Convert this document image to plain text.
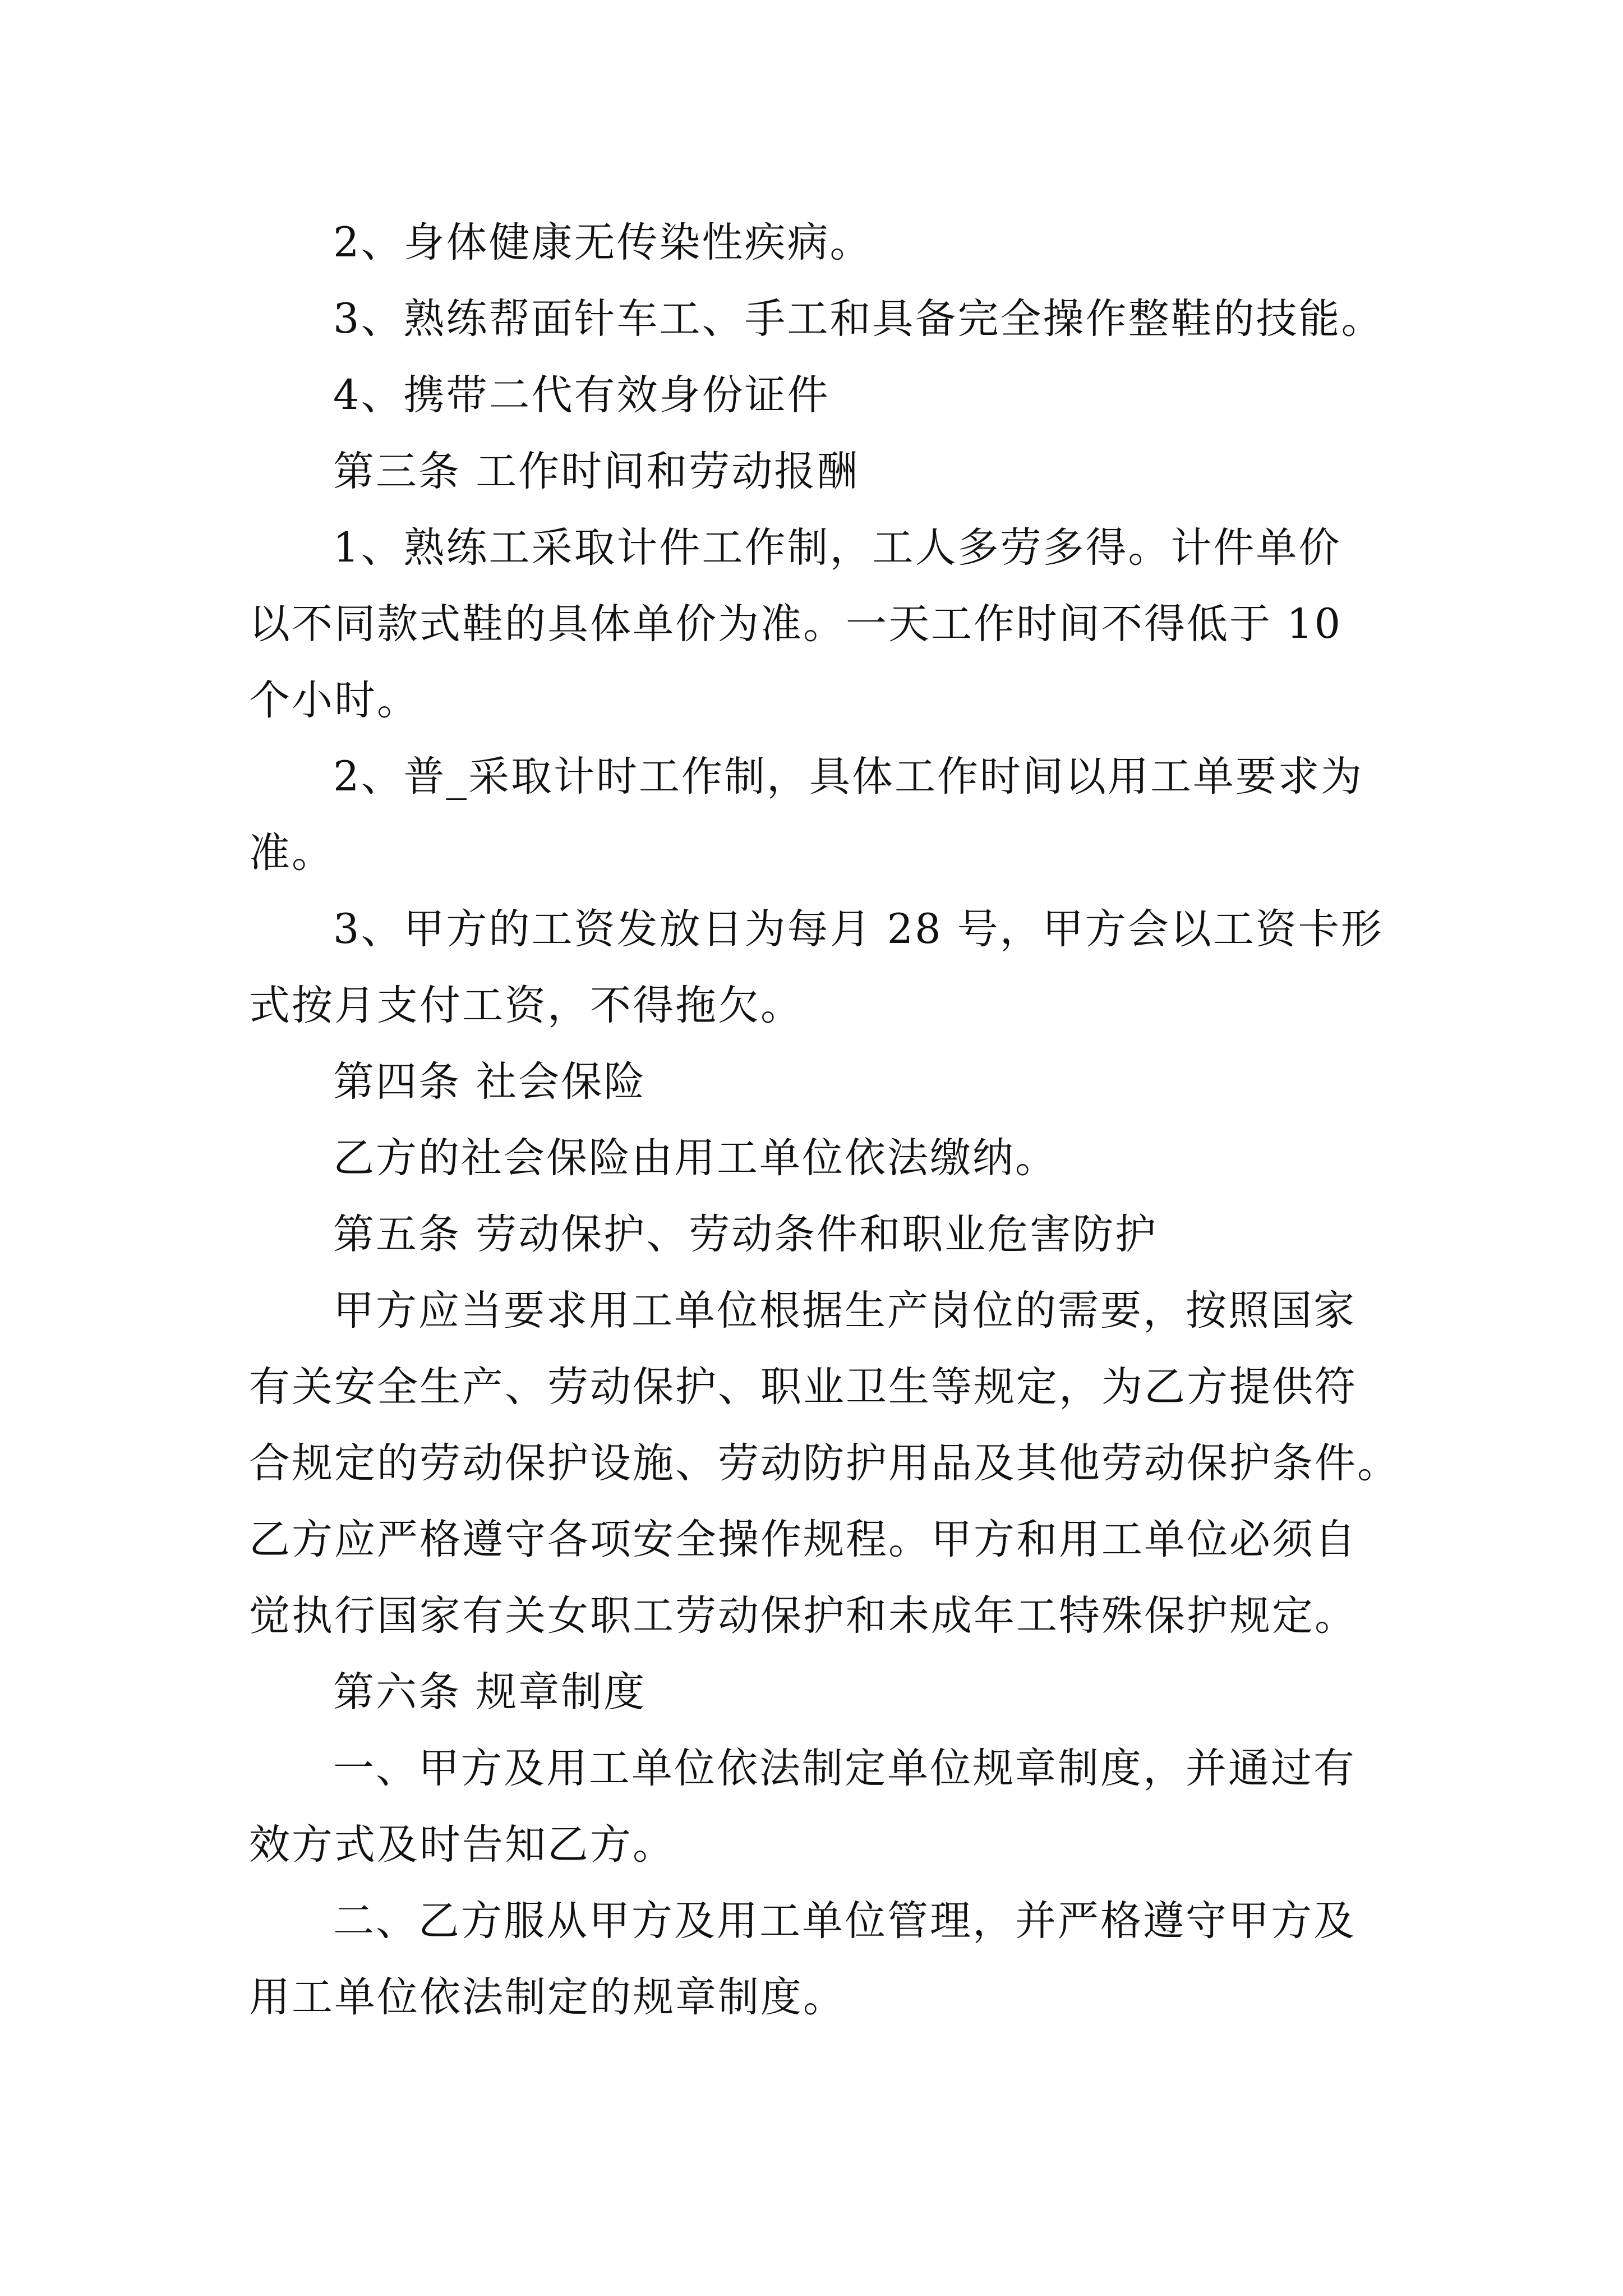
2、身体健康无传染性疾病。

3、熟练帮面针车工、手工和具备完全操作整鞋的技能。

4、携带二代有效身份证件

第三条 工作时间和劳动报酬

1、熟练工采取计件工作制，工人多劳多得。计件单价

以不同款式鞋的具体单价为准。一天工作时间不得低于 10

个小时。

2、普_采取计时工作制，具体工作时间以用工单要求为

准。

3、甲方的工资发放日为每月 28 号，甲方会以工资卡形

式按月支付工资，不得拖欠。

第四条 社会保险

乙方的社会保险由用工单位依法缴纳。

第五条 劳动保护、劳动条件和职业危害防护

甲方应当要求用工单位根据生产岗位的需要，按照国家

有关安全生产、劳动保护、职业卫生等规定，为乙方提供符

合规定的劳动保护设施、劳动防护用品及其他劳动保护条件。

乙方应严格遵守各项安全操作规程。甲方和用工单位必须自

觉执行国家有关女职工劳动保护和未成年工特殊保护规定。

第六条 规章制度

一、甲方及用工单位依法制定单位规章制度，并通过有

效方式及时告知乙方。

二、乙方服从甲方及用工单位管理，并严格遵守甲方及

用工单位依法制定的规章制度。
